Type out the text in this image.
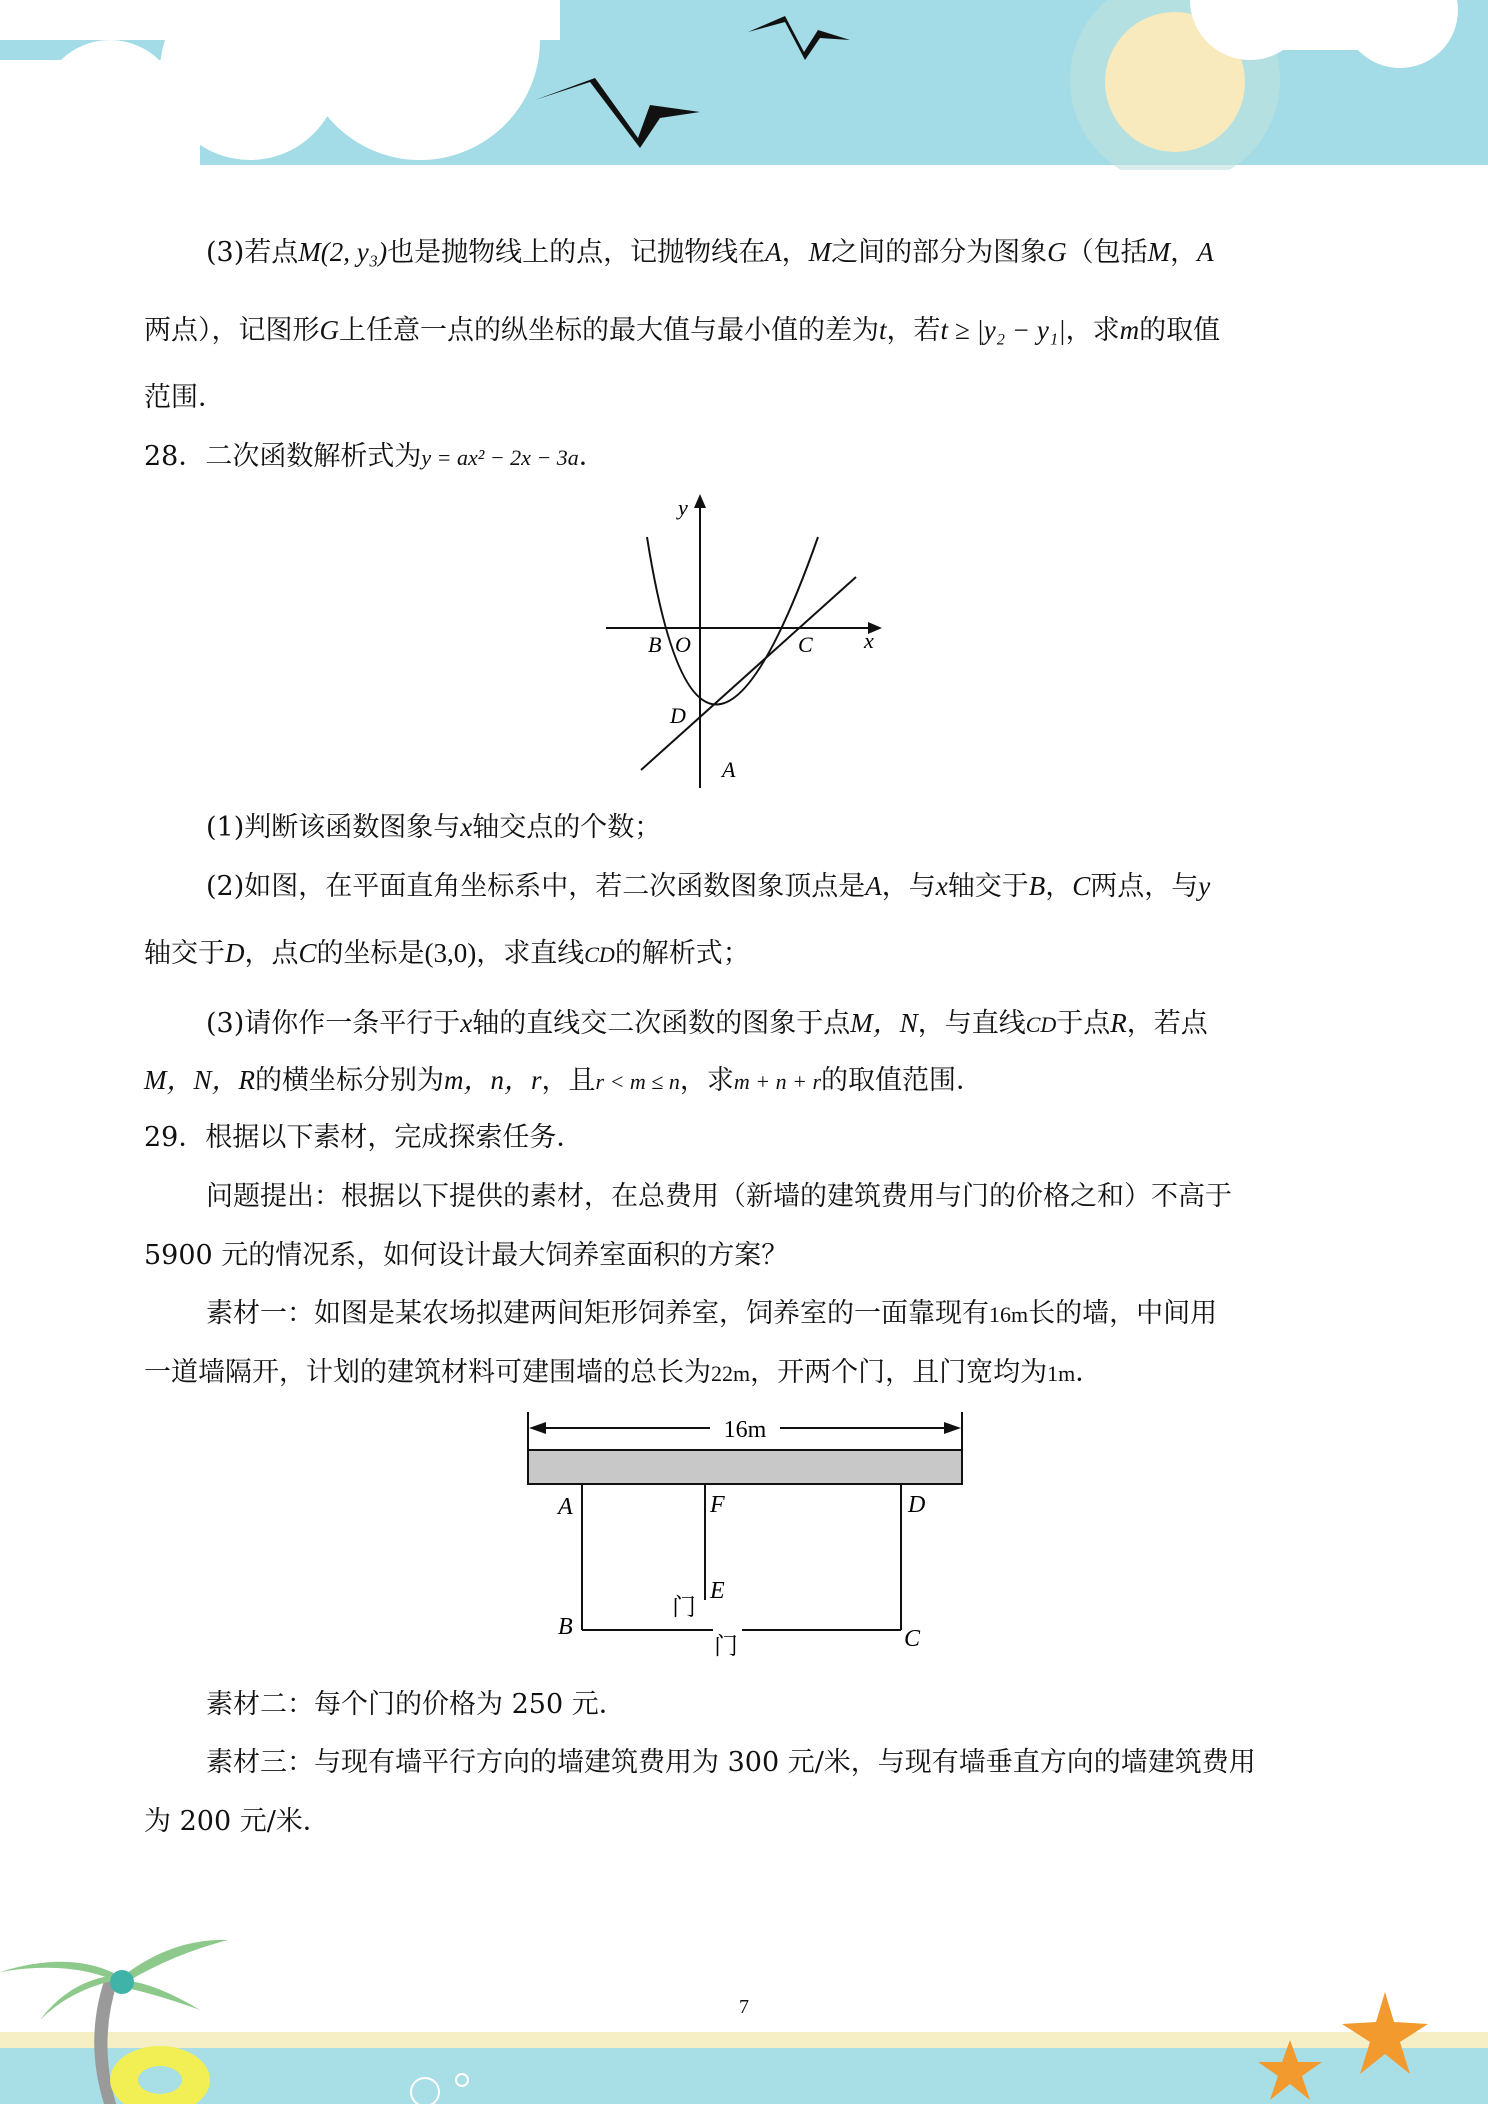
(3)若点M(2, y₃)也是抛物线上的点，记抛物线在A，M之间的部分为图象G（包括M，A
两点），记图形G上任意一点的纵坐标的最大值与最小值的差为t，若t ≥ |y₂ − y₁|，求m的取值
范围．
28．二次函数解析式为y = ax² − 2x − 3a．
y
x
B O	C
D
A
(1)判断该函数图象与x轴交点的个数；
(2)如图，在平面直角坐标系中，若二次函数图象顶点是A，与x轴交于B，C两点，与y
轴交于D，点C的坐标是(3,0)，求直线CD的解析式；
(3)请你作一条平行于x轴的直线交二次函数的图象于点M，N，与直线CD于点R，若点
M，N，R的横坐标分别为m，n，r，且r < m ≤ n，求m + n + r的取值范围．
29．根据以下素材，完成探索任务．
问题提出：根据以下提供的素材，在总费用（新墙的建筑费用与门的价格之和）不高于
5900 元的情况系，如何设计最大饲养室面积的方案？
素材一：如图是某农场拟建两间矩形饲养室，饲养室的一面靠现有16m长的墙，中间用
一道墙隔开，计划的建筑材料可建围墙的总长为22m，开两个门，且门宽均为1m．
16m
A	F	D
E
B	C
门
门
素材二：每个门的价格为 250 元．
素材三：与现有墙平行方向的墙建筑费用为 300 元/米，与现有墙垂直方向的墙建筑费用
为 200 元/米．
7
